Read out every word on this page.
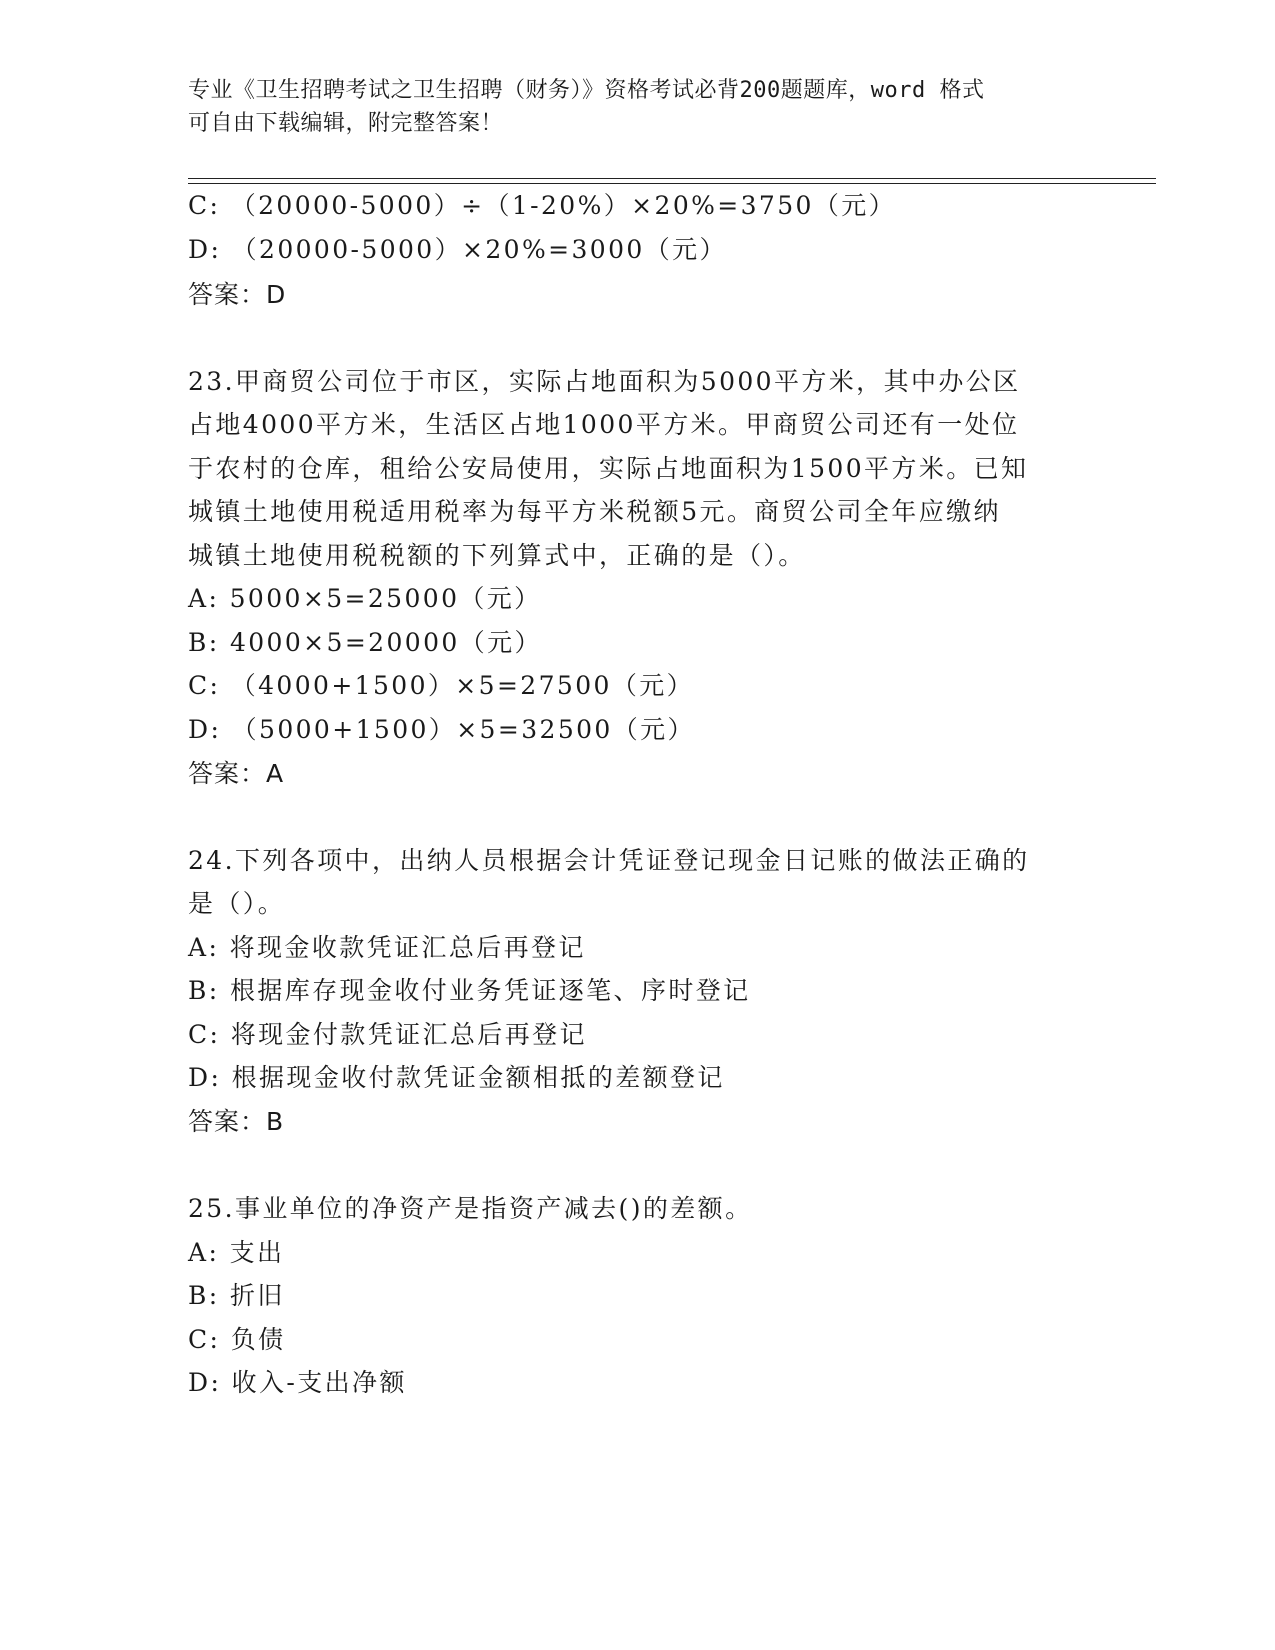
专业《卫生招聘考试之卫生招聘（财务）》资格考试必背200题题库，word 格式
可自由下载编辑，附完整答案！
C: （20000-5000）÷（1-20%）×20%=3750（元）
D: （20000-5000）×20%=3000（元）
答案：D
23.甲商贸公司位于市区，实际占地面积为5000平方米，其中办公区
占地4000平方米，生活区占地1000平方米。甲商贸公司还有一处位
于农村的仓库，租给公安局使用，实际占地面积为1500平方米。已知
城镇土地使用税适用税率为每平方米税额5元。商贸公司全年应缴纳
城镇土地使用税税额的下列算式中，正确的是（）。
A: 5000×5=25000（元）
B: 4000×5=20000（元）
C: （4000+1500）×5=27500（元）
D: （5000+1500）×5=32500（元）
答案：A
24.下列各项中，出纳人员根据会计凭证登记现金日记账的做法正确的
是（）。
A: 将现金收款凭证汇总后再登记
B: 根据库存现金收付业务凭证逐笔、序时登记
C: 将现金付款凭证汇总后再登记
D: 根据现金收付款凭证金额相抵的差额登记
答案：B
25.事业单位的净资产是指资产减去()的差额。
A: 支出
B: 折旧
C: 负债
D: 收入-支出净额
